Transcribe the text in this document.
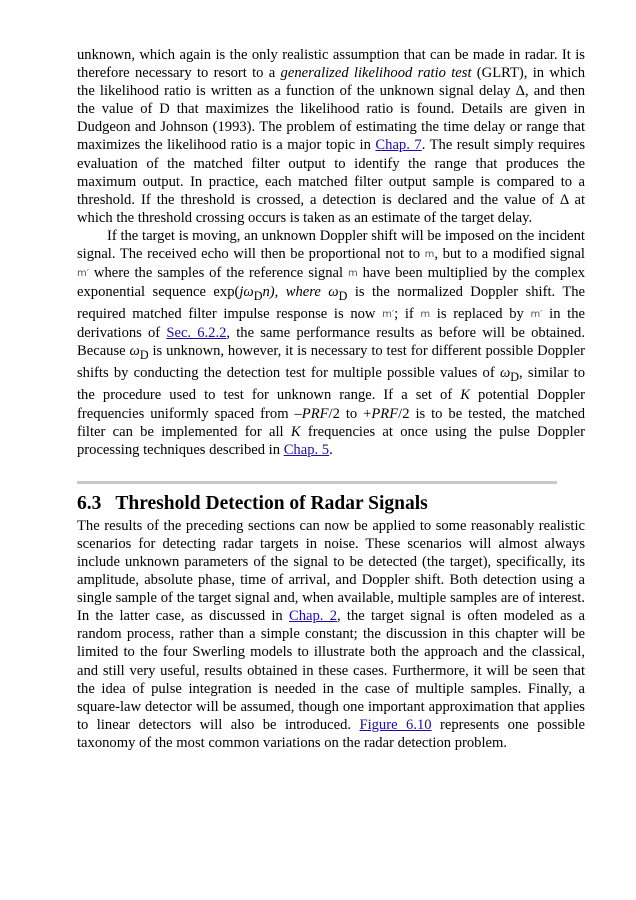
unknown, which again is the only realistic assumption that can be made in radar. It is therefore necessary to resort to a generalized likelihood ratio test (GLRT), in which the likelihood ratio is written as a function of the unknown signal delay Δ, and then the value of D that maximizes the likelihood ratio is found. Details are given in Dudgeon and Johnson (1993). The problem of estimating the time delay or range that maximizes the likelihood ratio is a major topic in Chap. 7. The result simply requires evaluation of the matched filter output to identify the range that produces the maximum output. In practice, each matched filter output sample is compared to a threshold. If the threshold is crossed, a detection is declared and the value of Δ at which the threshold crossing occurs is taken as an estimate of the target delay.

If the target is moving, an unknown Doppler shift will be imposed on the incident signal. The received echo will then be proportional not to m, but to a modified signal m′ where the samples of the reference signal m have been multiplied by the complex exponential sequence $\exp(j\omega_Dn)$, where $\omega_D$ is the normalized Doppler shift. The required matched filter impulse response is now m′; if m is replaced by m′ in the derivations of Sec. 6.2.2, the same performance results as before will be obtained. Because $\omega_D$ is unknown, however, it is necessary to test for different possible Doppler shifts by conducting the detection test for multiple possible values of $\omega_D$, similar to the procedure used to test for unknown range. If a set of K potential Doppler frequencies uniformly spaced from –PRF/2 to +PRF/2 is to be tested, the matched filter can be implemented for all K frequencies at once using the pulse Doppler processing techniques described in Chap. 5.

6.3 Threshold Detection of Radar Signals

The results of the preceding sections can now be applied to some reasonably realistic scenarios for detecting radar targets in noise. These scenarios will almost always include unknown parameters of the signal to be detected (the target), specifically, its amplitude, absolute phase, time of arrival, and Doppler shift. Both detection using a single sample of the target signal and, when available, multiple samples are of interest. In the latter case, as discussed in Chap. 2, the target signal is often modeled as a random process, rather than a simple constant; the discussion in this chapter will be limited to the four Swerling models to illustrate both the approach and the classical, and still very useful, results obtained in these cases. Furthermore, it will be seen that the idea of pulse integration is needed in the case of multiple samples. Finally, a square-law detector will be assumed, though one important approximation that applies to linear detectors will also be introduced. Figure 6.10 represents one possible taxonomy of the most common variations on the radar detection problem.
